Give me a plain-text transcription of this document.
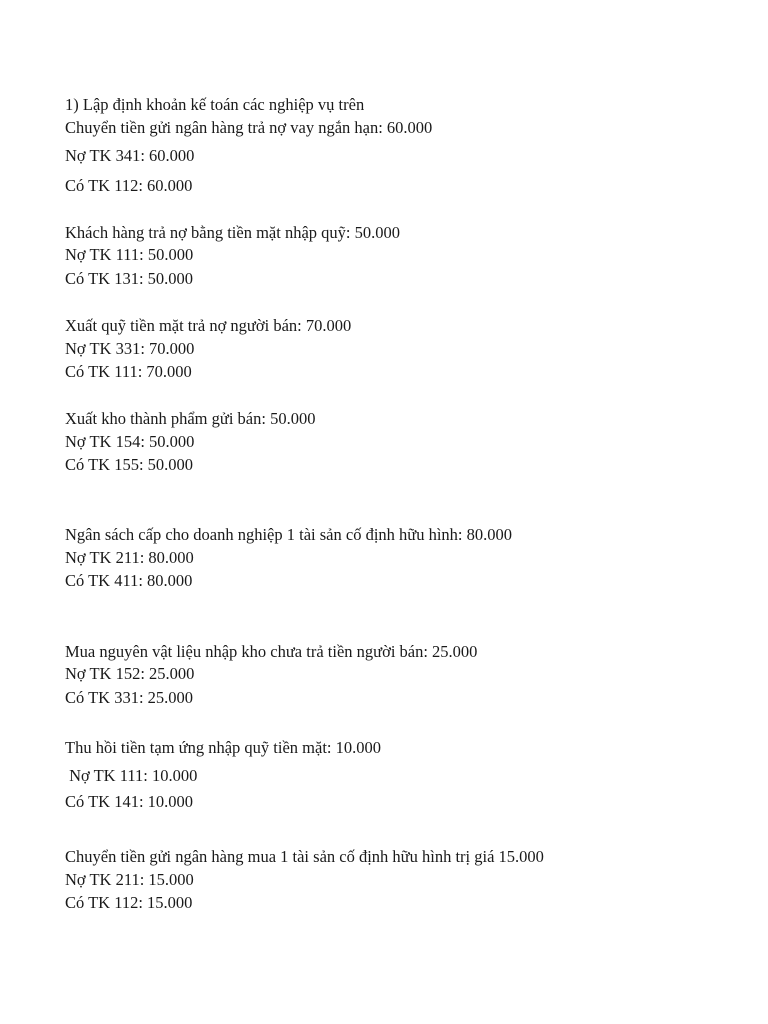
1) Lập định khoản kế toán các nghiệp vụ trên
Chuyển tiền gửi ngân hàng trả nợ vay ngắn hạn: 60.000
Nợ TK 341: 60.000
Có TK 112: 60.000
Khách hàng trả nợ bằng tiền mặt nhập quỹ: 50.000
Nợ TK 111: 50.000
Có TK 131: 50.000
Xuất quỹ tiền mặt trả nợ người bán: 70.000
Nợ TK 331: 70.000
Có TK 111: 70.000
Xuất kho thành phẩm gửi bán: 50.000
Nợ TK 154: 50.000
Có TK 155: 50.000
Ngân sách cấp cho doanh nghiệp 1 tài sản cố định hữu hình: 80.000
Nợ TK 211: 80.000
Có TK 411: 80.000
Mua nguyên vật liệu nhập kho chưa trả tiền người bán: 25.000
Nợ TK 152: 25.000
Có TK 331: 25.000
Thu hồi tiền tạm ứng nhập quỹ tiền mặt: 10.000
Nợ TK 111: 10.000
Có TK 141: 10.000
Chuyển tiền gửi ngân hàng mua 1 tài sản cố định hữu hình trị giá 15.000
Nợ TK 211: 15.000
Có TK 112: 15.000
